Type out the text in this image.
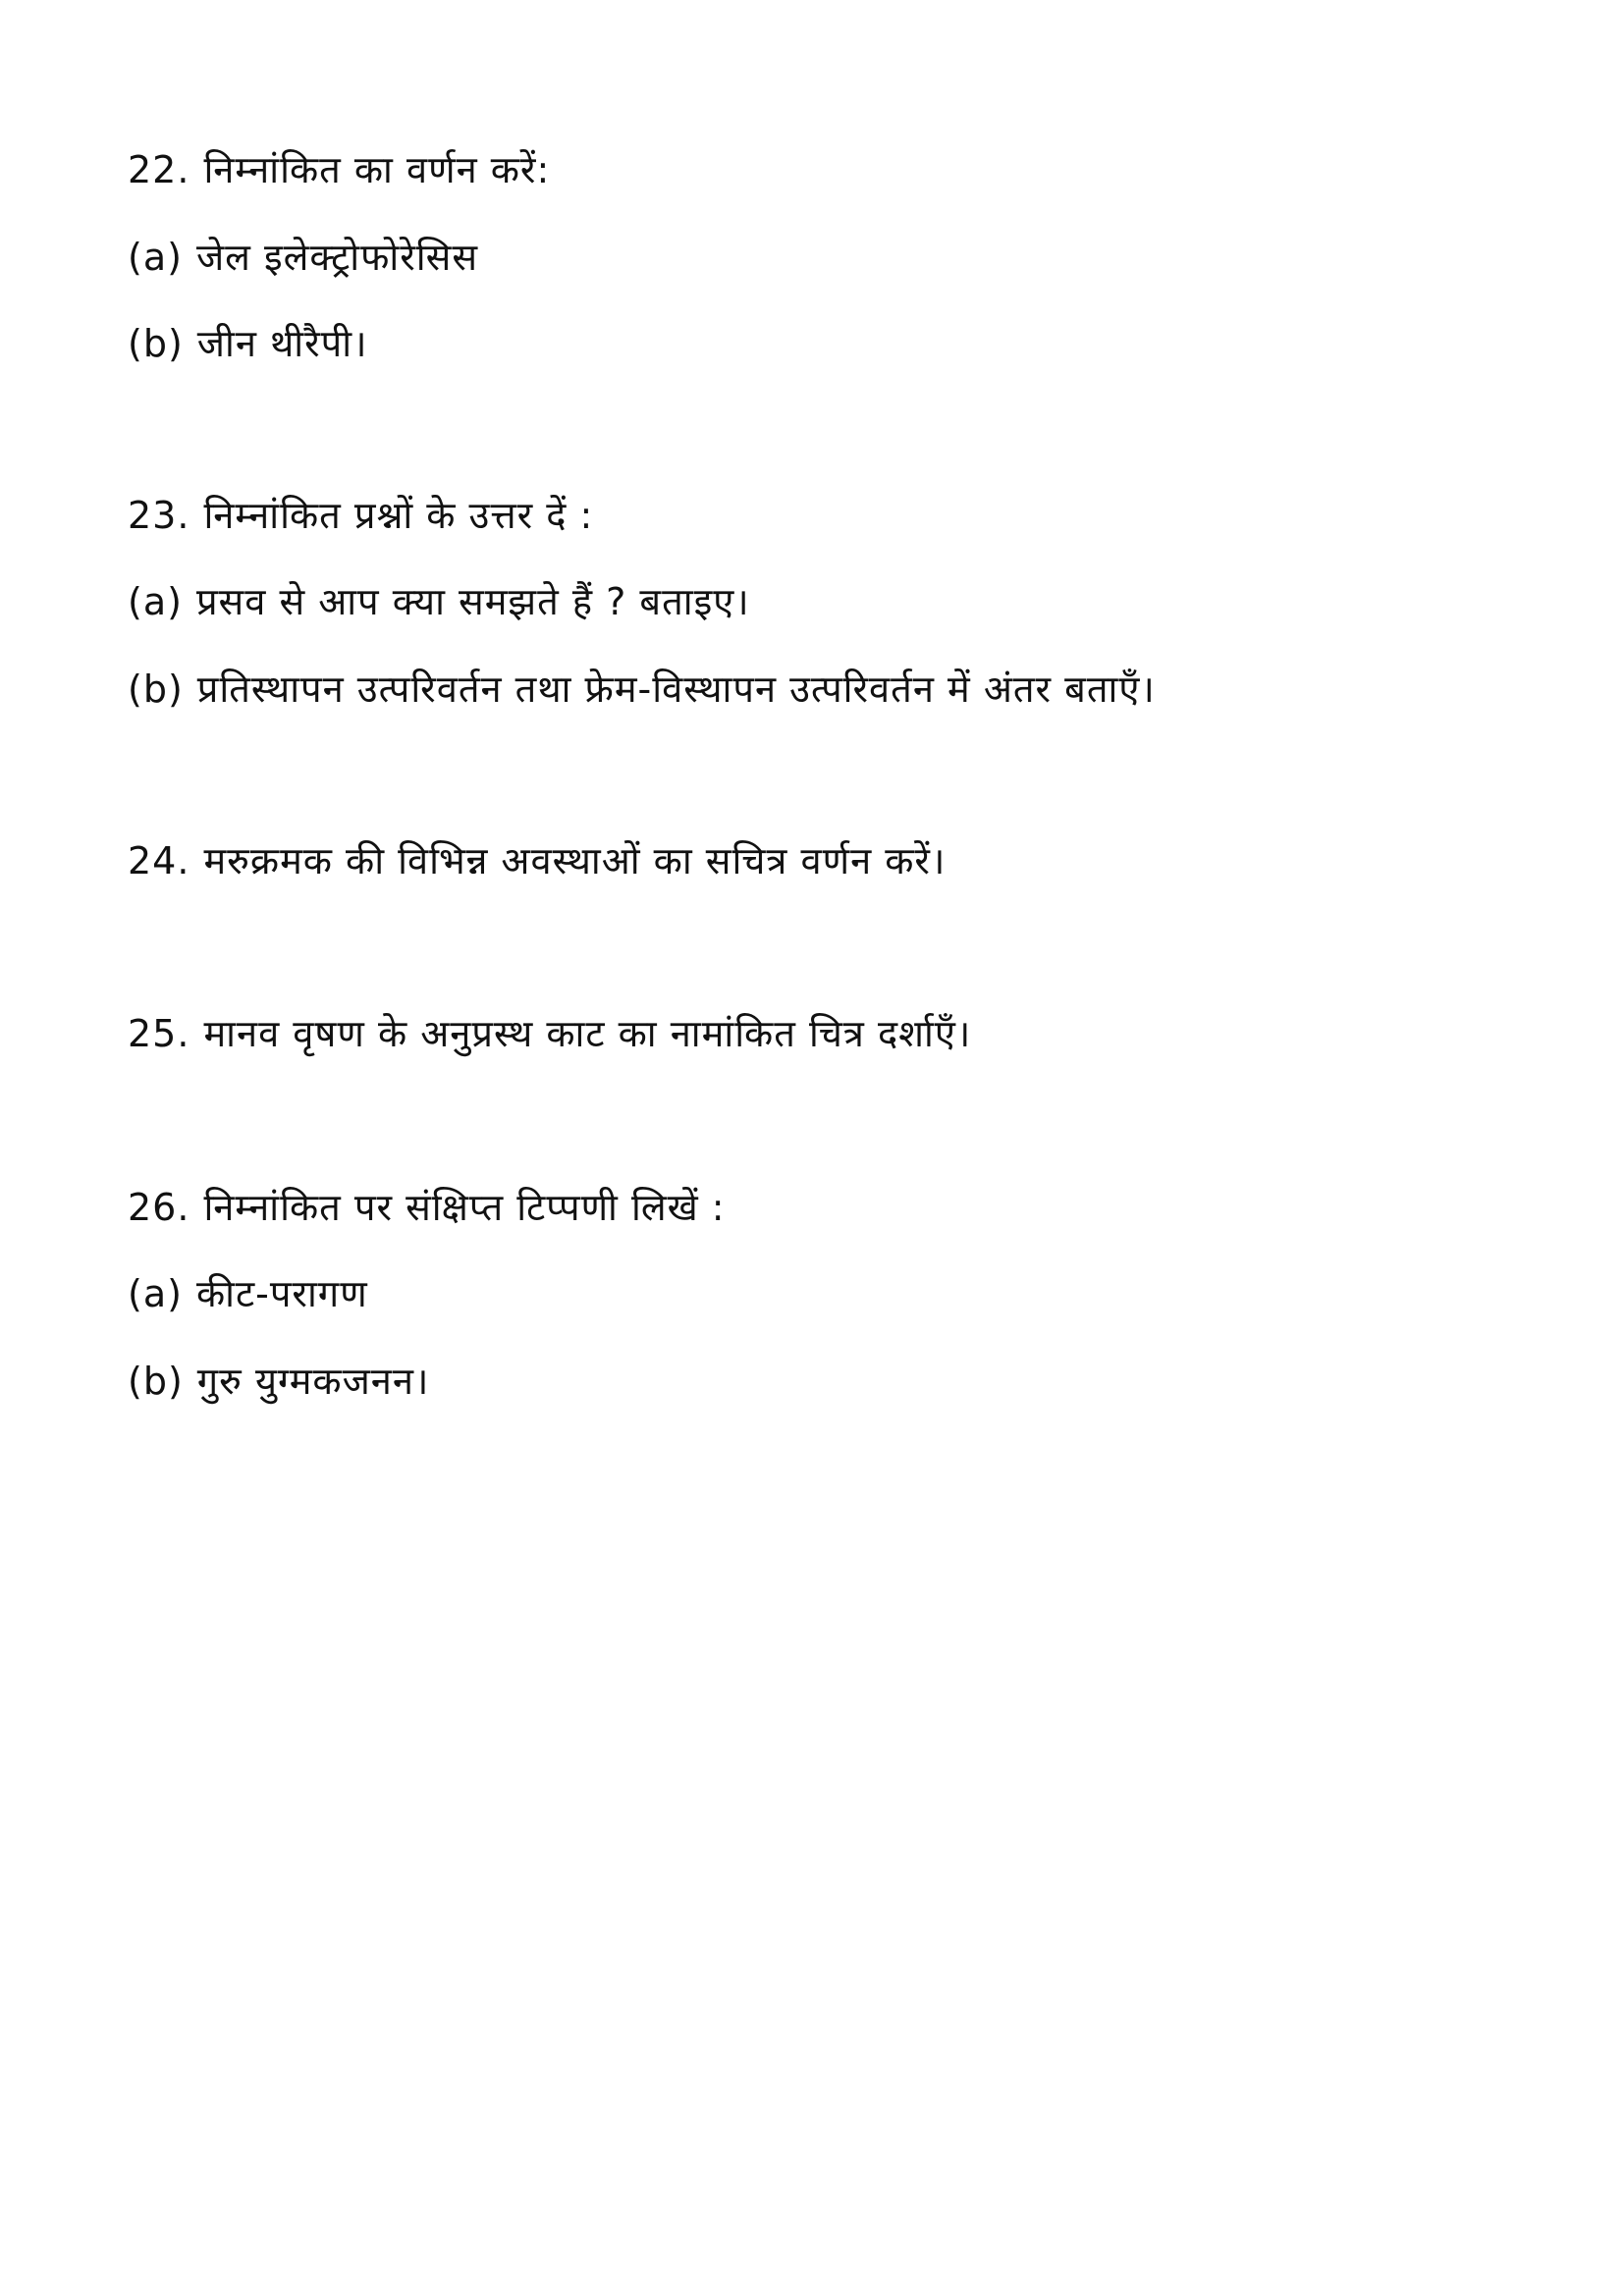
22. निम्नांकित का वर्णन करें:
(a) जेल इलेक्ट्रोफोरेसिस
(b) जीन थीरैपी।
23. निम्नांकित प्रश्नों के उत्तर दें :
(a) प्रसव से आप क्या समझते हैं ? बताइए।
(b) प्रतिस्थापन उत्परिवर्तन तथा फ्रेम-विस्थापन उत्परिवर्तन में अंतर बताएँ।
24. मरुक्रमक की विभिन्न अवस्थाओं का सचित्र वर्णन करें।
25. मानव वृषण के अनुप्रस्थ काट का नामांकित चित्र दर्शाएँ।
26. निम्नांकित पर संक्षिप्त टिप्पणी लिखें :
(a) कीट-परागण
(b) गुरु युग्मकजनन।
